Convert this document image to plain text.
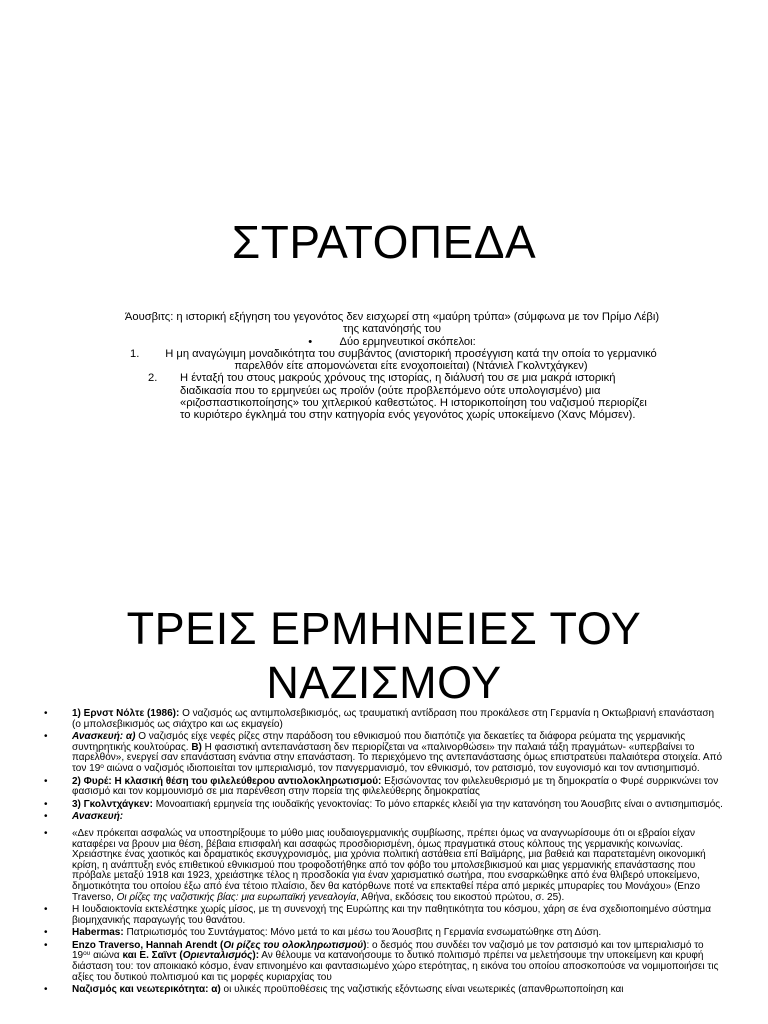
ΣΤΡΑΤΟΠΕΔΑ

Άουσβιτς: η ιστορική εξήγηση του γεγονότος δεν εισχωρεί στη «μαύρη τρύπα» (σύμφωνα με τον Πρίμο Λέβι) της κατανόησής του

• Δύο ερμηνευτικοί σκόπελοι:

1.	Η μη αναγώγιμη μοναδικότητα του συμβάντος (ανιστορική προσέγγιση κατά την οποία το γερμανικό παρελθόν είτε απομονώνεται είτε ενοχοποιείται) (Ντάνιελ Γκολντχάγκεν)
2.	Η ένταξή του στους μακρούς χρόνους της ιστορίας, η διάλυσή του σε μια μακρά ιστορική διαδικασία που το ερμηνεύει ως προϊόν (ούτε προβλεπόμενο ούτε υπολογισμένο) μια «ριζοσπαστικοποίησης» του χιτλερικού καθεστώτος. Η ιστορικοποίηση του ναζισμού περιορίζει το κυριότερο έγκλημά του στην κατηγορία ενός γεγονότος χωρίς υποκείμενο (Χανς Μόμσεν).
ΤΡΕΙΣ ΕΡΜΗΝΕΙΕΣ ΤΟΥ
ΝΑΖΙΣΜΟΥ
• 1) Ερνστ Νόλτε (1986): Ο ναζισμός ως αντιμπολσεβικισμός, ως τραυματική αντίδραση που προκάλεσε στη Γερμανία η Οκτωβριανή επανάσταση (ο μπολσεβικισμός ως σιάχτρο και ως εκμαγείο)
• Ανασκευή: α) Ο ναζισμός είχε νεφές ρίζες στην παράδοση του εθνικισμού που διαπότιζε για δεκαετίες τα διάφορα ρεύματα της γερμανικής συντηρητικής κουλτούρας. Β) Η φασιστική αντεπανάσταση δεν περιορίζεται να «παλινορθώσει» την παλαιά τάξη πραγμάτων- «υπερβαίνει το παρελθόν», ενεργεί σαν επανάσταση ενάντια στην επανάσταση. Το περιεχόμενο της αντεπανάστασης όμως επιστρατεύει παλαιότερα στοιχεία. Από τον $19^o$ αιώνα ο ναζισμός ιδιοποιείται τον ιμπεριαλισμό, τον πανγερμανισμό, τον εθνικισμό, τον ρατσισμό, τον ευγονισμό και τον αντισημιτισμό.
• 2) Φυρέ: Η κλασική θέση του φιλελεύθερου αντιολοκληρωτισμού: Εξισώνοντας τον φιλελευθερισμό με τη δημοκρατία ο Φυρέ συρρικνώνει τον φασισμό και τον κομμουνισμό σε μια παρένθεση στην πορεία της φιλελεύθερης δημοκρατίας
• 3) Γκολντχάγκεν: Μονοαιτιακή ερμηνεία της ιουδαϊκής γενοκτονίας: Το μόνο επαρκές κλειδί για την κατανόηση του Άουσβιτς είναι ο αντισημιτισμός.
• Ανασκευή:
• «Δεν πρόκειται ασφαλώς να υποστηρίξουμε το μύθο μιας ιουδαιογερμανικής συμβίωσης, πρέπει όμως να αναγνωρίσουμε ότι οι εβραίοι είχαν καταφέρει να βρουν μια θέση, βέβαια επισφαλή και ασαφώς προσδιορισμένη, όμως πραγματικά στους κόλπους της γερμανικής κοινωνίας. Χρειάστηκε ένας χαοτικός και δραματικός εκσυγχρονισμός, μια χρόνια πολιτική αστάθεια επί Βαϊμάρης, μια βαθειά και παρατεταμένη οικονομική κρίση, η ανάπτυξη ενός επιθετικού εθνικισμού που τροφοδοτήθηκε από τον φόβο του μπολσεβικισμού και μιας γερμανικής επανάστασης που πρόβαλε μεταξύ 1918 και 1923, χρειάστηκε τέλος η προσδοκία για έναν χαρισματικό σωτήρα, που ενσαρκώθηκε από ένα θλιβερό υποκείμενο, δημοτικότητα του οποίου έξω από ένα τέτοιο πλαίσιο, δεν θα κατόρθωνε ποτέ να επεκταθεί πέρα από μερικές μπυραρίες του Μονάχου» (Enzo Traverso, Οι ρίζες της ναζιστικής βίας: μια ευρωπαϊκή γενεαλογία, Αθήνα, εκδόσεις του εικοστού πρώτου, σ. 25).
• Η Ιουδαιοκτονία εκτελέστηκε χωρίς μίσος, με τη συνενοχή της Ευρώπης και την παθητικότητα του κόσμου, χάρη σε ένα σχεδιοποιημένο σύστημα βιομηχανικής παραγωγής του θανάτου.
• Habermas: Πατριωτισμός του Συντάγματος: Μόνο μετά το και μέσω του Άουσβιτς η Γερμανία ενσωματώθηκε στη Δύση.
• Enzo Traverso, Hannah Arendt (Οι ρίζες του ολοκληρωτισμού): ο δεσμός που συνδέει τον ναζισμό με τον ρατσισμό και τον ιμπεριαλισμό το $19^{o\upsilon}$ αιώνα και Ε. Σαϊντ (Οριενταλισμός): Αν θέλουμε να κατανοήσουμε το δυτικό πολιτισμό πρέπει να μελετήσουμε την υποκείμενη και κρυφή διάσταση του: τον αποικιακό κόσμο, έναν επινοημένο και φαντασιωμένο χώρο ετερότητας, η εικόνα του οποίου αποσκοπούσε να νομιμοποιήσει τις αξίες του δυτικού πολιτισμού και τις μορφές κυριαρχίας του
• Ναζισμός και νεωτερικότητα: α) οι υλικές προϋποθέσεις της ναζιστικής εξόντωσης είναι νεωτερικές (απανθρωποποίηση και
